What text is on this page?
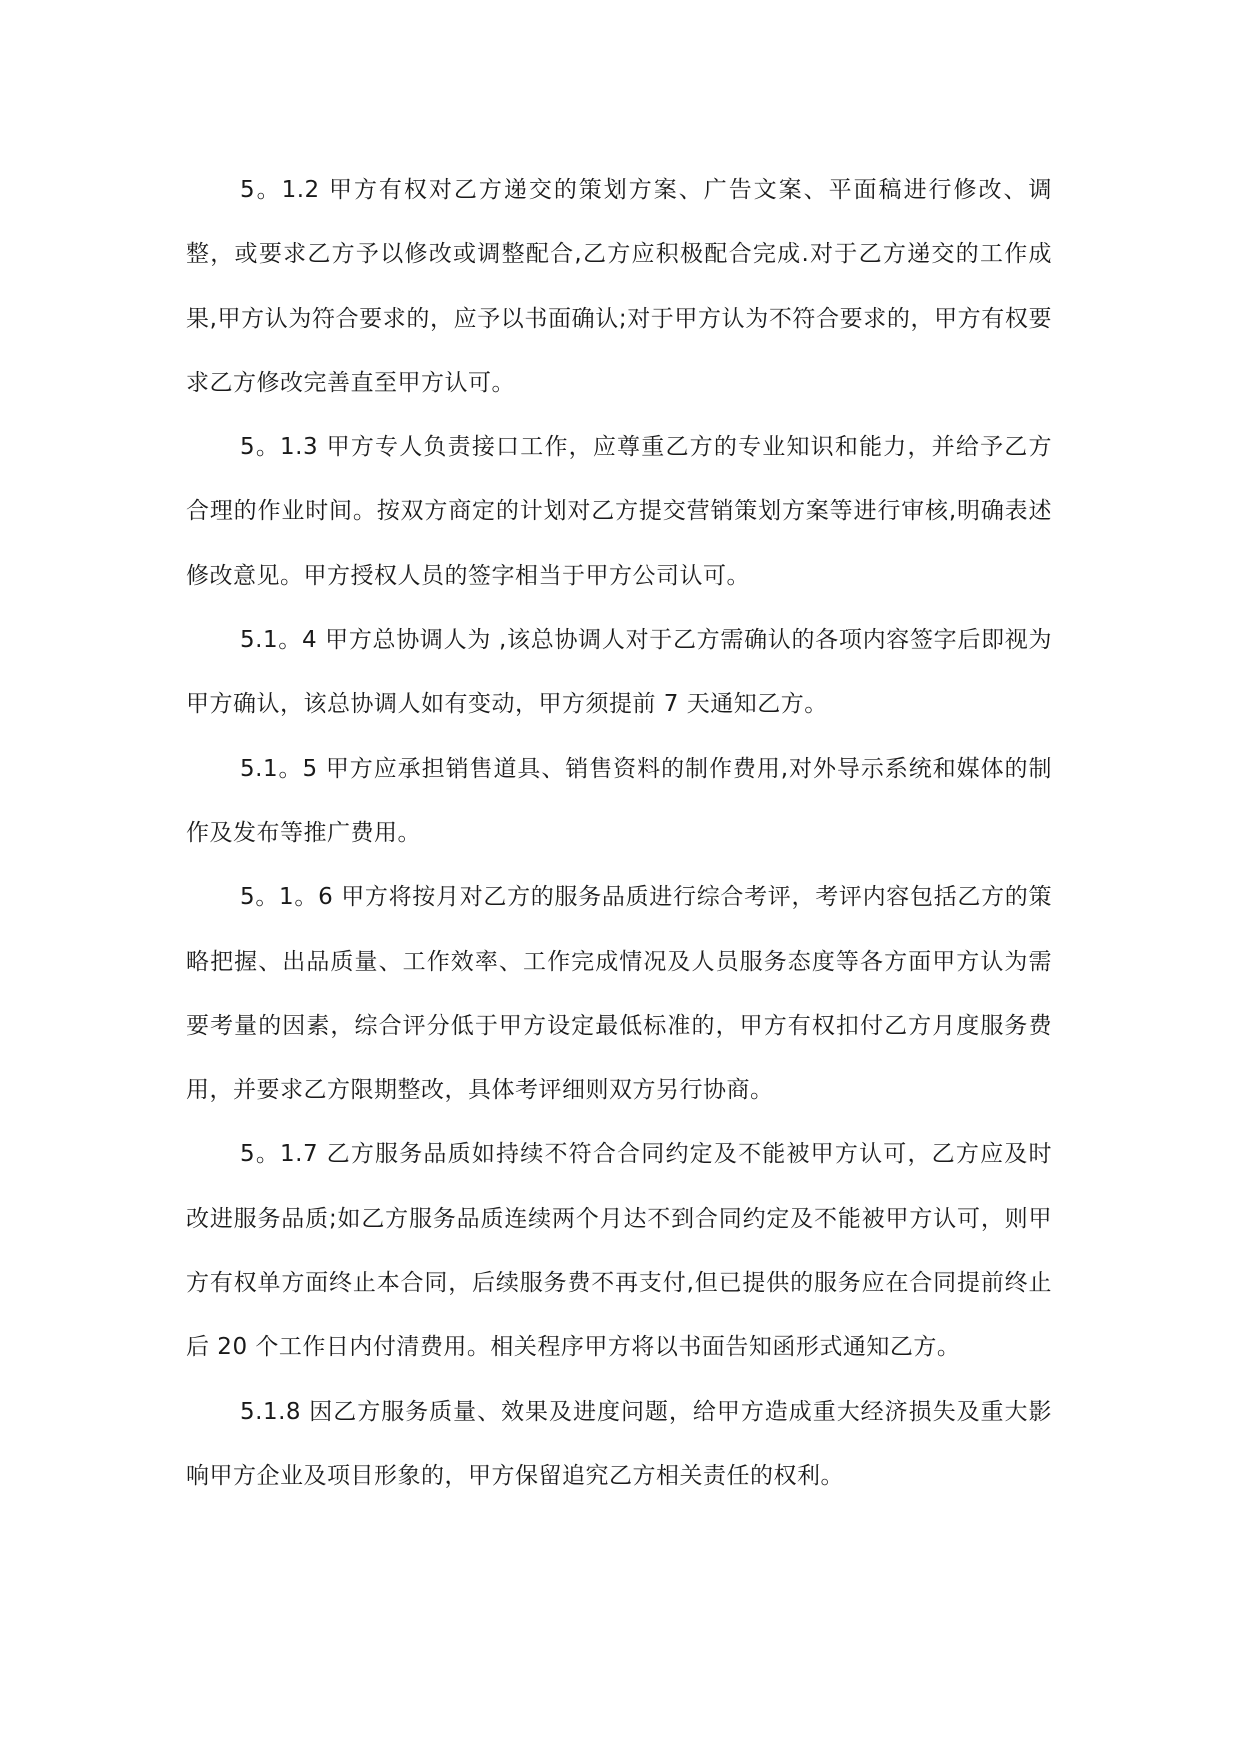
5。1.2 甲方有权对乙方递交的策划方案、广告文案、平面稿进行修改、调整，或要求乙方予以修改或调整配合,乙方应积极配合完成.对于乙方递交的工作成果,甲方认为符合要求的，应予以书面确认;对于甲方认为不符合要求的，甲方有权要求乙方修改完善直至甲方认可。

5。1.3 甲方专人负责接口工作，应尊重乙方的专业知识和能力，并给予乙方合理的作业时间。按双方商定的计划对乙方提交营销策划方案等进行审核,明确表述修改意见。甲方授权人员的签字相当于甲方公司认可。

5.1。4 甲方总协调人为 ,该总协调人对于乙方需确认的各项内容签字后即视为甲方确认，该总协调人如有变动，甲方须提前 7 天通知乙方。

5.1。5 甲方应承担销售道具、销售资料的制作费用,对外导示系统和媒体的制作及发布等推广费用。

5。1。6 甲方将按月对乙方的服务品质进行综合考评，考评内容包括乙方的策略把握、出品质量、工作效率、工作完成情况及人员服务态度等各方面甲方认为需要考量的因素，综合评分低于甲方设定最低标准的，甲方有权扣付乙方月度服务费用，并要求乙方限期整改，具体考评细则双方另行协商。

5。1.7 乙方服务品质如持续不符合合同约定及不能被甲方认可，乙方应及时改进服务品质;如乙方服务品质连续两个月达不到合同约定及不能被甲方认可，则甲方有权单方面终止本合同，后续服务费不再支付,但已提供的服务应在合同提前终止后 20 个工作日内付清费用。相关程序甲方将以书面告知函形式通知乙方。

5.1.8 因乙方服务质量、效果及进度问题，给甲方造成重大经济损失及重大影响甲方企业及项目形象的，甲方保留追究乙方相关责任的权利。
